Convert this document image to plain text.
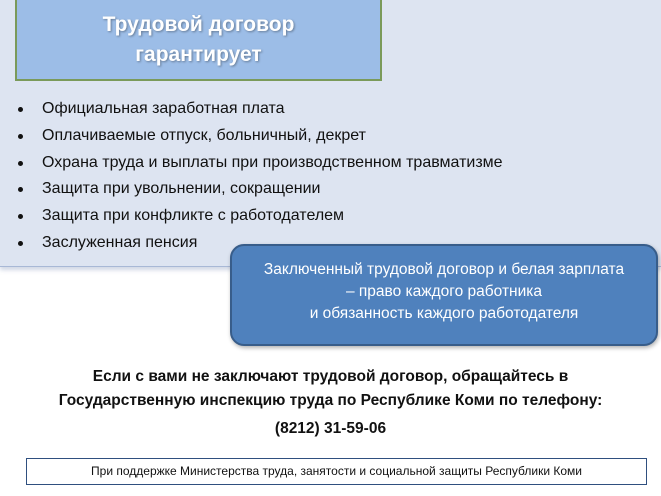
Трудовой договор
гарантирует
Официальная заработная плата
Оплачиваемые отпуск, больничный, декрет
Охрана труда и выплаты при производственном травматизме
Защита при увольнении, сокращении
Защита при конфликте с работодателем
Заслуженная пенсия
Заключенный трудовой договор и белая зарплата
– право каждого работника
и обязанность каждого работодателя
Если с вами не заключают трудовой договор, обращайтесь в
Государственную инспекцию труда по Республике Коми по телефону:
(8212) 31-59-06
При поддержке Министерства труда, занятости и социальной защиты Республики Коми
